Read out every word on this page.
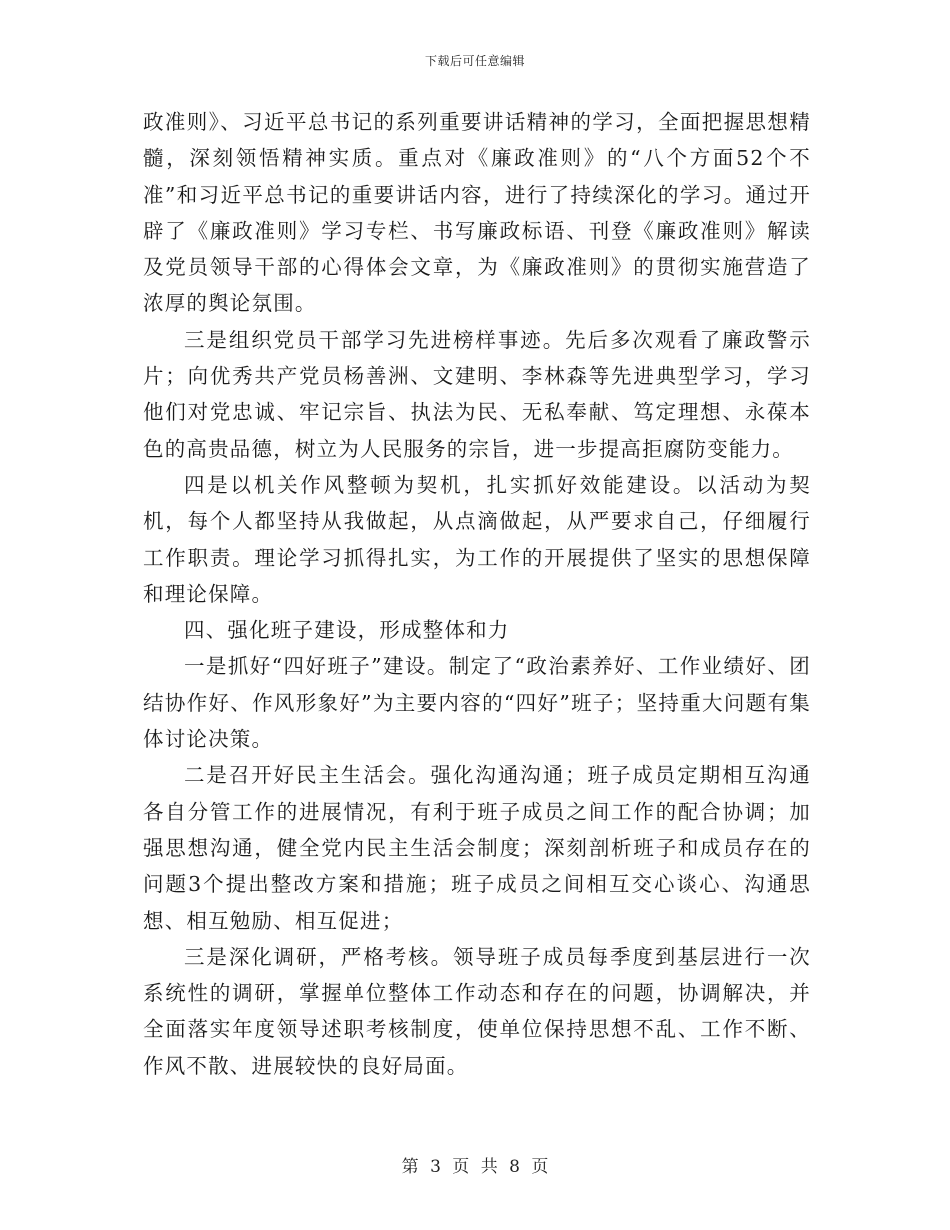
下载后可任意编辑

政准则》、习近平总书记的系列重要讲话精神的学习，全面把握思想精髓，深刻领悟精神实质。重点对《廉政准则》的“八个方面52个不准”和习近平总书记的重要讲话内容，进行了持续深化的学习。通过开辟了《廉政准则》学习专栏、书写廉政标语、刊登《廉政准则》解读及党员领导干部的心得体会文章，为《廉政准则》的贯彻实施营造了浓厚的舆论氛围。

三是组织党员干部学习先进榜样事迹。先后多次观看了廉政警示片；向优秀共产党员杨善洲、文建明、李林森等先进典型学习，学习他们对党忠诚、牢记宗旨、执法为民、无私奉献、笃定理想、永葆本色的高贵品德，树立为人民服务的宗旨，进一步提高拒腐防变能力。

四是以机关作风整顿为契机，扎实抓好效能建设。以活动为契机，每个人都坚持从我做起，从点滴做起，从严要求自己，仔细履行工作职责。理论学习抓得扎实，为工作的开展提供了坚实的思想保障和理论保障。

四、强化班子建设，形成整体和力

一是抓好“四好班子”建设。制定了“政治素养好、工作业绩好、团结协作好、作风形象好”为主要内容的“四好”班子；坚持重大问题有集体讨论决策。

二是召开好民主生活会。强化沟通沟通；班子成员定期相互沟通各自分管工作的进展情况，有利于班子成员之间工作的配合协调；加强思想沟通，健全党内民主生活会制度；深刻剖析班子和成员存在的问题3个提出整改方案和措施；班子成员之间相互交心谈心、沟通思想、相互勉励、相互促进；

三是深化调研，严格考核。领导班子成员每季度到基层进行一次系统性的调研，掌握单位整体工作动态和存在的问题，协调解决，并全面落实年度领导述职考核制度，使单位保持思想不乱、工作不断、作风不散、进展较快的良好局面。

第 3 页 共 8 页
